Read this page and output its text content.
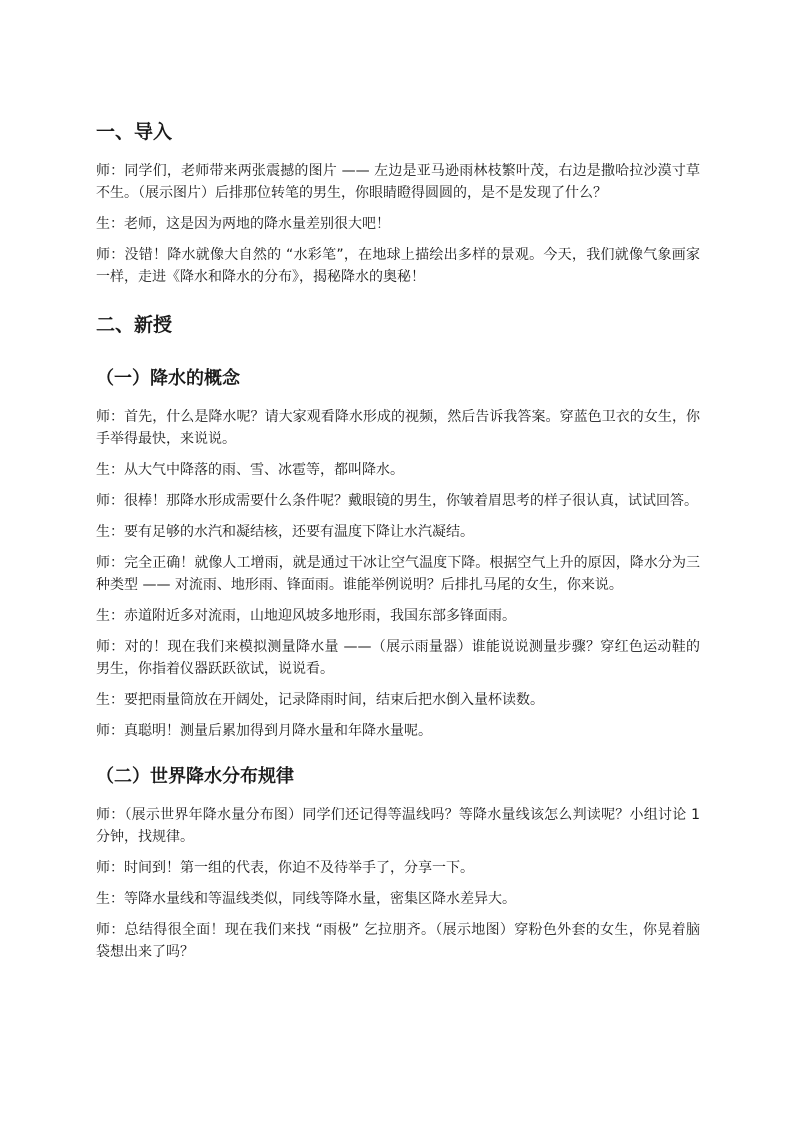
一、导入

师：同学们，老师带来两张震撼的图片 —— 左边是亚马逊雨林枝繁叶茂，右边是撒哈拉沙漠寸草不生。（展示图片）后排那位转笔的男生，你眼睛瞪得圆圆的，是不是发现了什么？

生：老师，这是因为两地的降水量差别很大吧！

师：没错！降水就像大自然的 “水彩笔”，在地球上描绘出多样的景观。今天，我们就像气象画家一样，走进《降水和降水的分布》，揭秘降水的奥秘！

二、新授
（一）降水的概念

师：首先，什么是降水呢？请大家观看降水形成的视频，然后告诉我答案。穿蓝色卫衣的女生，你手举得最快，来说说。

生：从大气中降落的雨、雪、冰雹等，都叫降水。

师：很棒！那降水形成需要什么条件呢？戴眼镜的男生，你皱着眉思考的样子很认真，试试回答。

生：要有足够的水汽和凝结核，还要有温度下降让水汽凝结。

师：完全正确！就像人工增雨，就是通过干冰让空气温度下降。根据空气上升的原因，降水分为三种类型 —— 对流雨、地形雨、锋面雨。谁能举例说明？后排扎马尾的女生，你来说。

生：赤道附近多对流雨，山地迎风坡多地形雨，我国东部多锋面雨。

师：对的！现在我们来模拟测量降水量 ——（展示雨量器）谁能说说测量步骤？穿红色运动鞋的男生，你指着仪器跃跃欲试，说说看。

生：要把雨量筒放在开阔处，记录降雨时间，结束后把水倒入量杯读数。

师：真聪明！测量后累加得到月降水量和年降水量呢。

（二）世界降水分布规律

师：（展示世界年降水量分布图）同学们还记得等温线吗？等降水量线该怎么判读呢？小组讨论 1 分钟，找规律。

师：时间到！第一组的代表，你迫不及待举手了，分享一下。

生：等降水量线和等温线类似，同线等降水量，密集区降水差异大。

师：总结得很全面！现在我们来找 “雨极” 乞拉朋齐。（展示地图）穿粉色外套的女生，你晃着脑袋想出来了吗？
